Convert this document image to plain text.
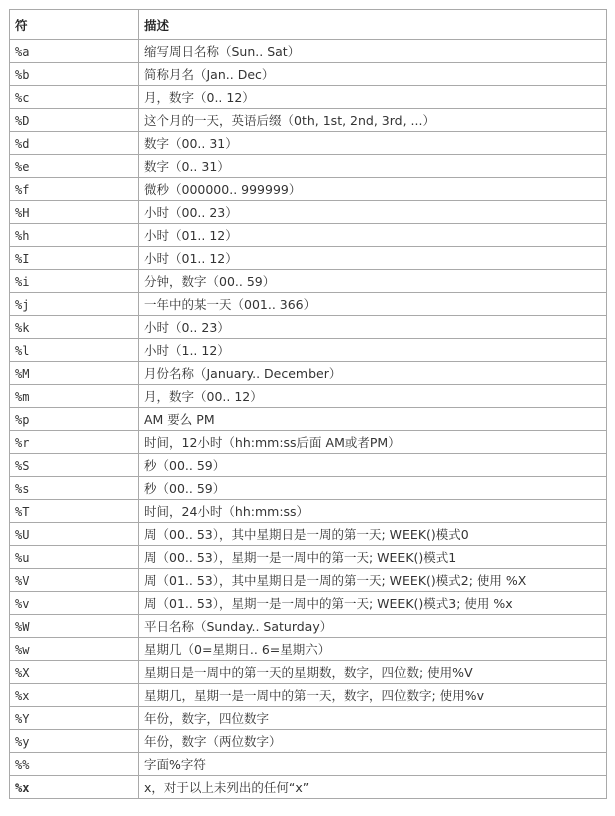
符	描述
%a	缩写周日名称（Sun.. Sat）
%b	简称月名（Jan.. Dec）
%c	月，数字（0.. 12）
%D	这个月的一天，英语后缀（0th, 1st, 2nd, 3rd, ...）
%d	数字（00.. 31）
%e	数字（0.. 31）
%f	微秒（000000.. 999999）
%H	小时（00.. 23）
%h	小时（01.. 12）
%I	小时（01.. 12）
%i	分钟，数字（00.. 59）
%j	一年中的某一天（001.. 366）
%k	小时（0.. 23）
%l	小时（1.. 12）
%M	月份名称（January.. December）
%m	月，数字（00.. 12）
%p	AM 要么 PM
%r	时间，12小时（hh:mm:ss后面 AM或者PM）
%S	秒（00.. 59）
%s	秒（00.. 59）
%T	时间，24小时（hh:mm:ss）
%U	周（00.. 53），其中星期日是一周的第一天; WEEK()模式0
%u	周（00.. 53），星期一是一周中的第一天; WEEK()模式1
%V	周（01.. 53），其中星期日是一周的第一天; WEEK()模式2; 使用 %X
%v	周（01.. 53），星期一是一周中的第一天; WEEK()模式3; 使用 %x
%W	平日名称（Sunday.. Saturday）
%w	星期几（0=星期日.. 6=星期六）
%X	星期日是一周中的第一天的星期数，数字，四位数; 使用%V
%x	星期几，星期一是一周中的第一天，数字，四位数字; 使用%v
%Y	年份，数字，四位数字
%y	年份，数字（两位数字）
%%	字面%字符
%x	x，对于以上未列出的任何“x”
